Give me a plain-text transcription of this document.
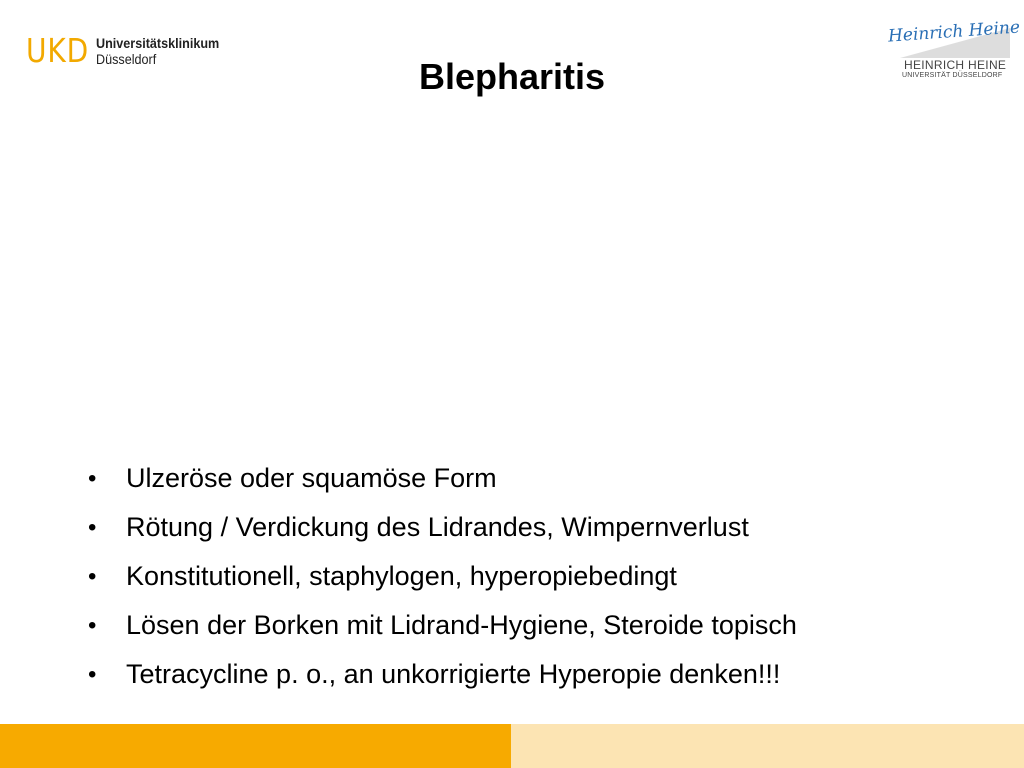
UKD Universitätsklinikum
Düsseldorf
Heinrich Heine
HEINRICH HEINE
UNIVERSITÄT DÜSSELDORF
Blepharitis
•	Ulzeröse oder squamöse Form
•	Rötung / Verdickung des Lidrandes, Wimpernverlust
•	Konstitutionell, staphylogen, hyperopiebedingt
•	Lösen der Borken mit Lidrand-Hygiene, Steroide topisch
•	Tetracycline p. o., an unkorrigierte Hyperopie denken!!!
